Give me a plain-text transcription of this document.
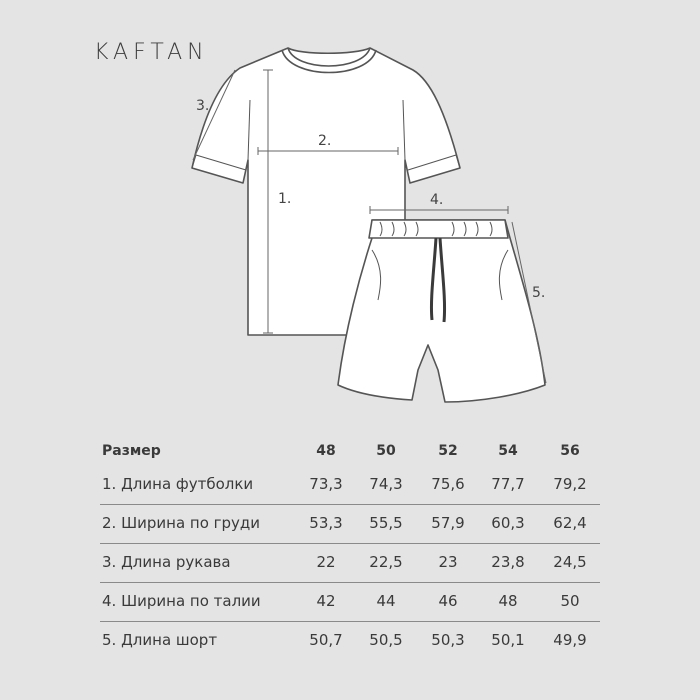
KAFTAN
1.
2.
3.
4.
5.
Размер	48	50	52	54	56
1. Длина футболки	73,3	74,3	75,6	77,7	79,2
2. Ширина по груди	53,3	55,5	57,9	60,3	62,4
3. Длина рукава	22	22,5	23	23,8	24,5
4. Ширина по талии	42	44	46	48	50
5. Длина шорт	50,7	50,5	50,3	50,1	49,9
